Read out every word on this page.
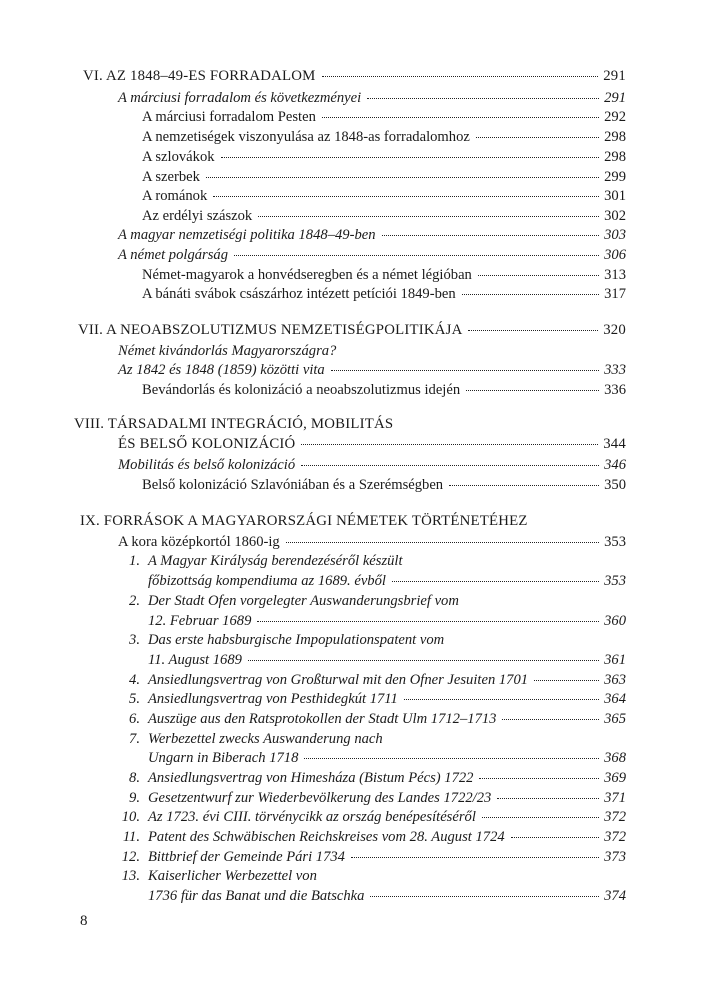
VI. AZ 1848–49-ES FORRADALOM	291
A márciusi forradalom és következményei	291
A márciusi forradalom Pesten	292
A nemzetiségek viszonyulása az 1848-as forradalomhoz	298
A szlovákok	298
A szerbek	299
A románok	301
Az erdélyi szászok	302
A magyar nemzetiségi politika 1848–49-ben	303
A német polgárság	306
Német-magyarok a honvédseregben és a német légióban	313
A bánáti svábok császárhoz intézett petíciói 1849-ben	317
VII. A NEOABSZOLUTIZMUS NEMZETISÉGPOLITIKÁJA	320
Német kivándorlás Magyarországra?
Az 1842 és 1848 (1859) közötti vita	333
Bevándorlás és kolonizáció a neoabszolutizmus idején	336
VIII. TÁRSADALMI INTEGRÁCIÓ, MOBILITÁS
ÉS BELSŐ KOLONIZÁCIÓ	344
Mobilitás és belső kolonizáció	346
Belső kolonizáció Szlavóniában és a Szerémségben	350
IX. FORRÁSOK A MAGYARORSZÁGI NÉMETEK TÖRTÉNETÉHEZ
A kora középkortól 1860-ig	353
1. A Magyar Királyság berendezéséről készült
főbizottság kompendiuma az 1689. évből	353
2. Der Stadt Ofen vorgelegter Auswanderungsbrief vom
12. Februar 1689	360
3. Das erste habsburgische Impopulationspatent vom
11. August 1689	361
4. Ansiedlungsvertrag von Großturwal mit den Ofner Jesuiten 1701	363
5. Ansiedlungsvertrag von Pesthidegkút 1711	364
6. Auszüge aus den Ratsprotokollen der Stadt Ulm 1712–1713	365
7. Werbezettel zwecks Auswanderung nach
Ungarn in Biberach 1718	368
8. Ansiedlungsvertrag von Himesháza (Bistum Pécs) 1722	369
9. Gesetzentwurf zur Wiederbevölkerung des Landes 1722/23	371
10. Az 1723. évi CIII. törvénycikk az ország benépesítéséről	372
11. Patent des Schwäbischen Reichskreises vom 28. August 1724	372
12. Bittbrief der Gemeinde Pári 1734	373
13. Kaiserlicher Werbezettel von
1736 für das Banat und die Batschka	374
8
